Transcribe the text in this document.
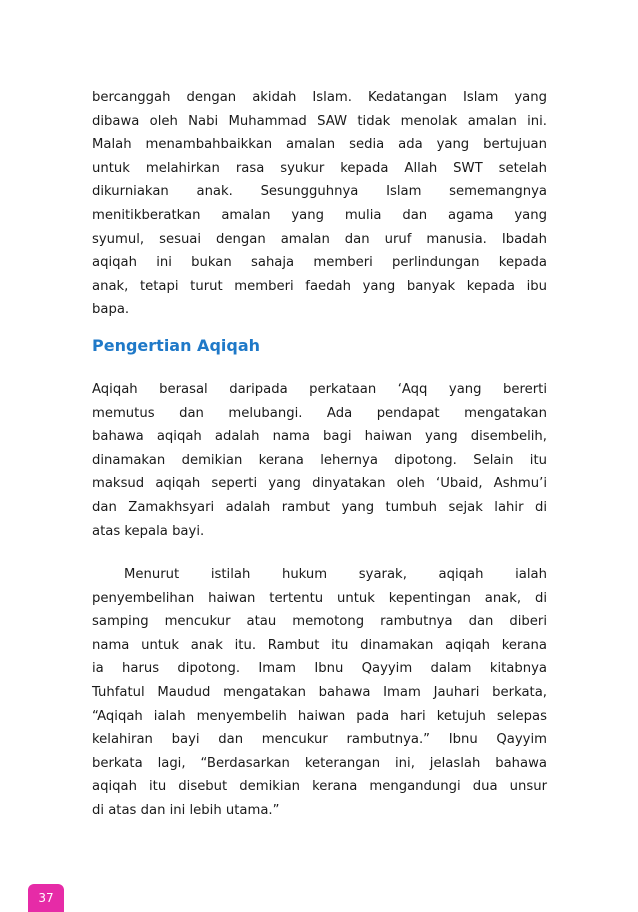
bercanggah dengan akidah Islam. Kedatangan Islam yang
dibawa oleh Nabi Muhammad SAW tidak menolak amalan ini.
Malah menambahbaikkan amalan sedia ada yang bertujuan
untuk melahirkan rasa syukur kepada Allah SWT setelah
dikurniakan anak. Sesungguhnya Islam sememangnya
menitikberatkan amalan yang mulia dan agama yang
syumul, sesuai dengan amalan dan uruf manusia. Ibadah
aqiqah ini bukan sahaja memberi perlindungan kepada
anak, tetapi turut memberi faedah yang banyak kepada ibu
bapa.
Pengertian Aqiqah
Aqiqah berasal daripada perkataan ‘Aqq yang bererti
memutus dan melubangi. Ada pendapat mengatakan
bahawa aqiqah adalah nama bagi haiwan yang disembelih,
dinamakan demikian kerana lehernya dipotong. Selain itu
maksud aqiqah seperti yang dinyatakan oleh ‘Ubaid, Ashmu’i
dan Zamakhsyari adalah rambut yang tumbuh sejak lahir di
atas kepala bayi.
Menurut istilah hukum syarak, aqiqah ialah
penyembelihan haiwan tertentu untuk kepentingan anak, di
samping mencukur atau memotong rambutnya dan diberi
nama untuk anak itu. Rambut itu dinamakan aqiqah kerana
ia harus dipotong. Imam Ibnu Qayyim dalam kitabnya
Tuhfatul Maudud mengatakan bahawa Imam Jauhari berkata,
“Aqiqah ialah menyembelih haiwan pada hari ketujuh selepas
kelahiran bayi dan mencukur rambutnya.” Ibnu Qayyim
berkata lagi, “Berdasarkan keterangan ini, jelaslah bahawa
aqiqah itu disebut demikian kerana mengandungi dua unsur
di atas dan ini lebih utama.”
37
